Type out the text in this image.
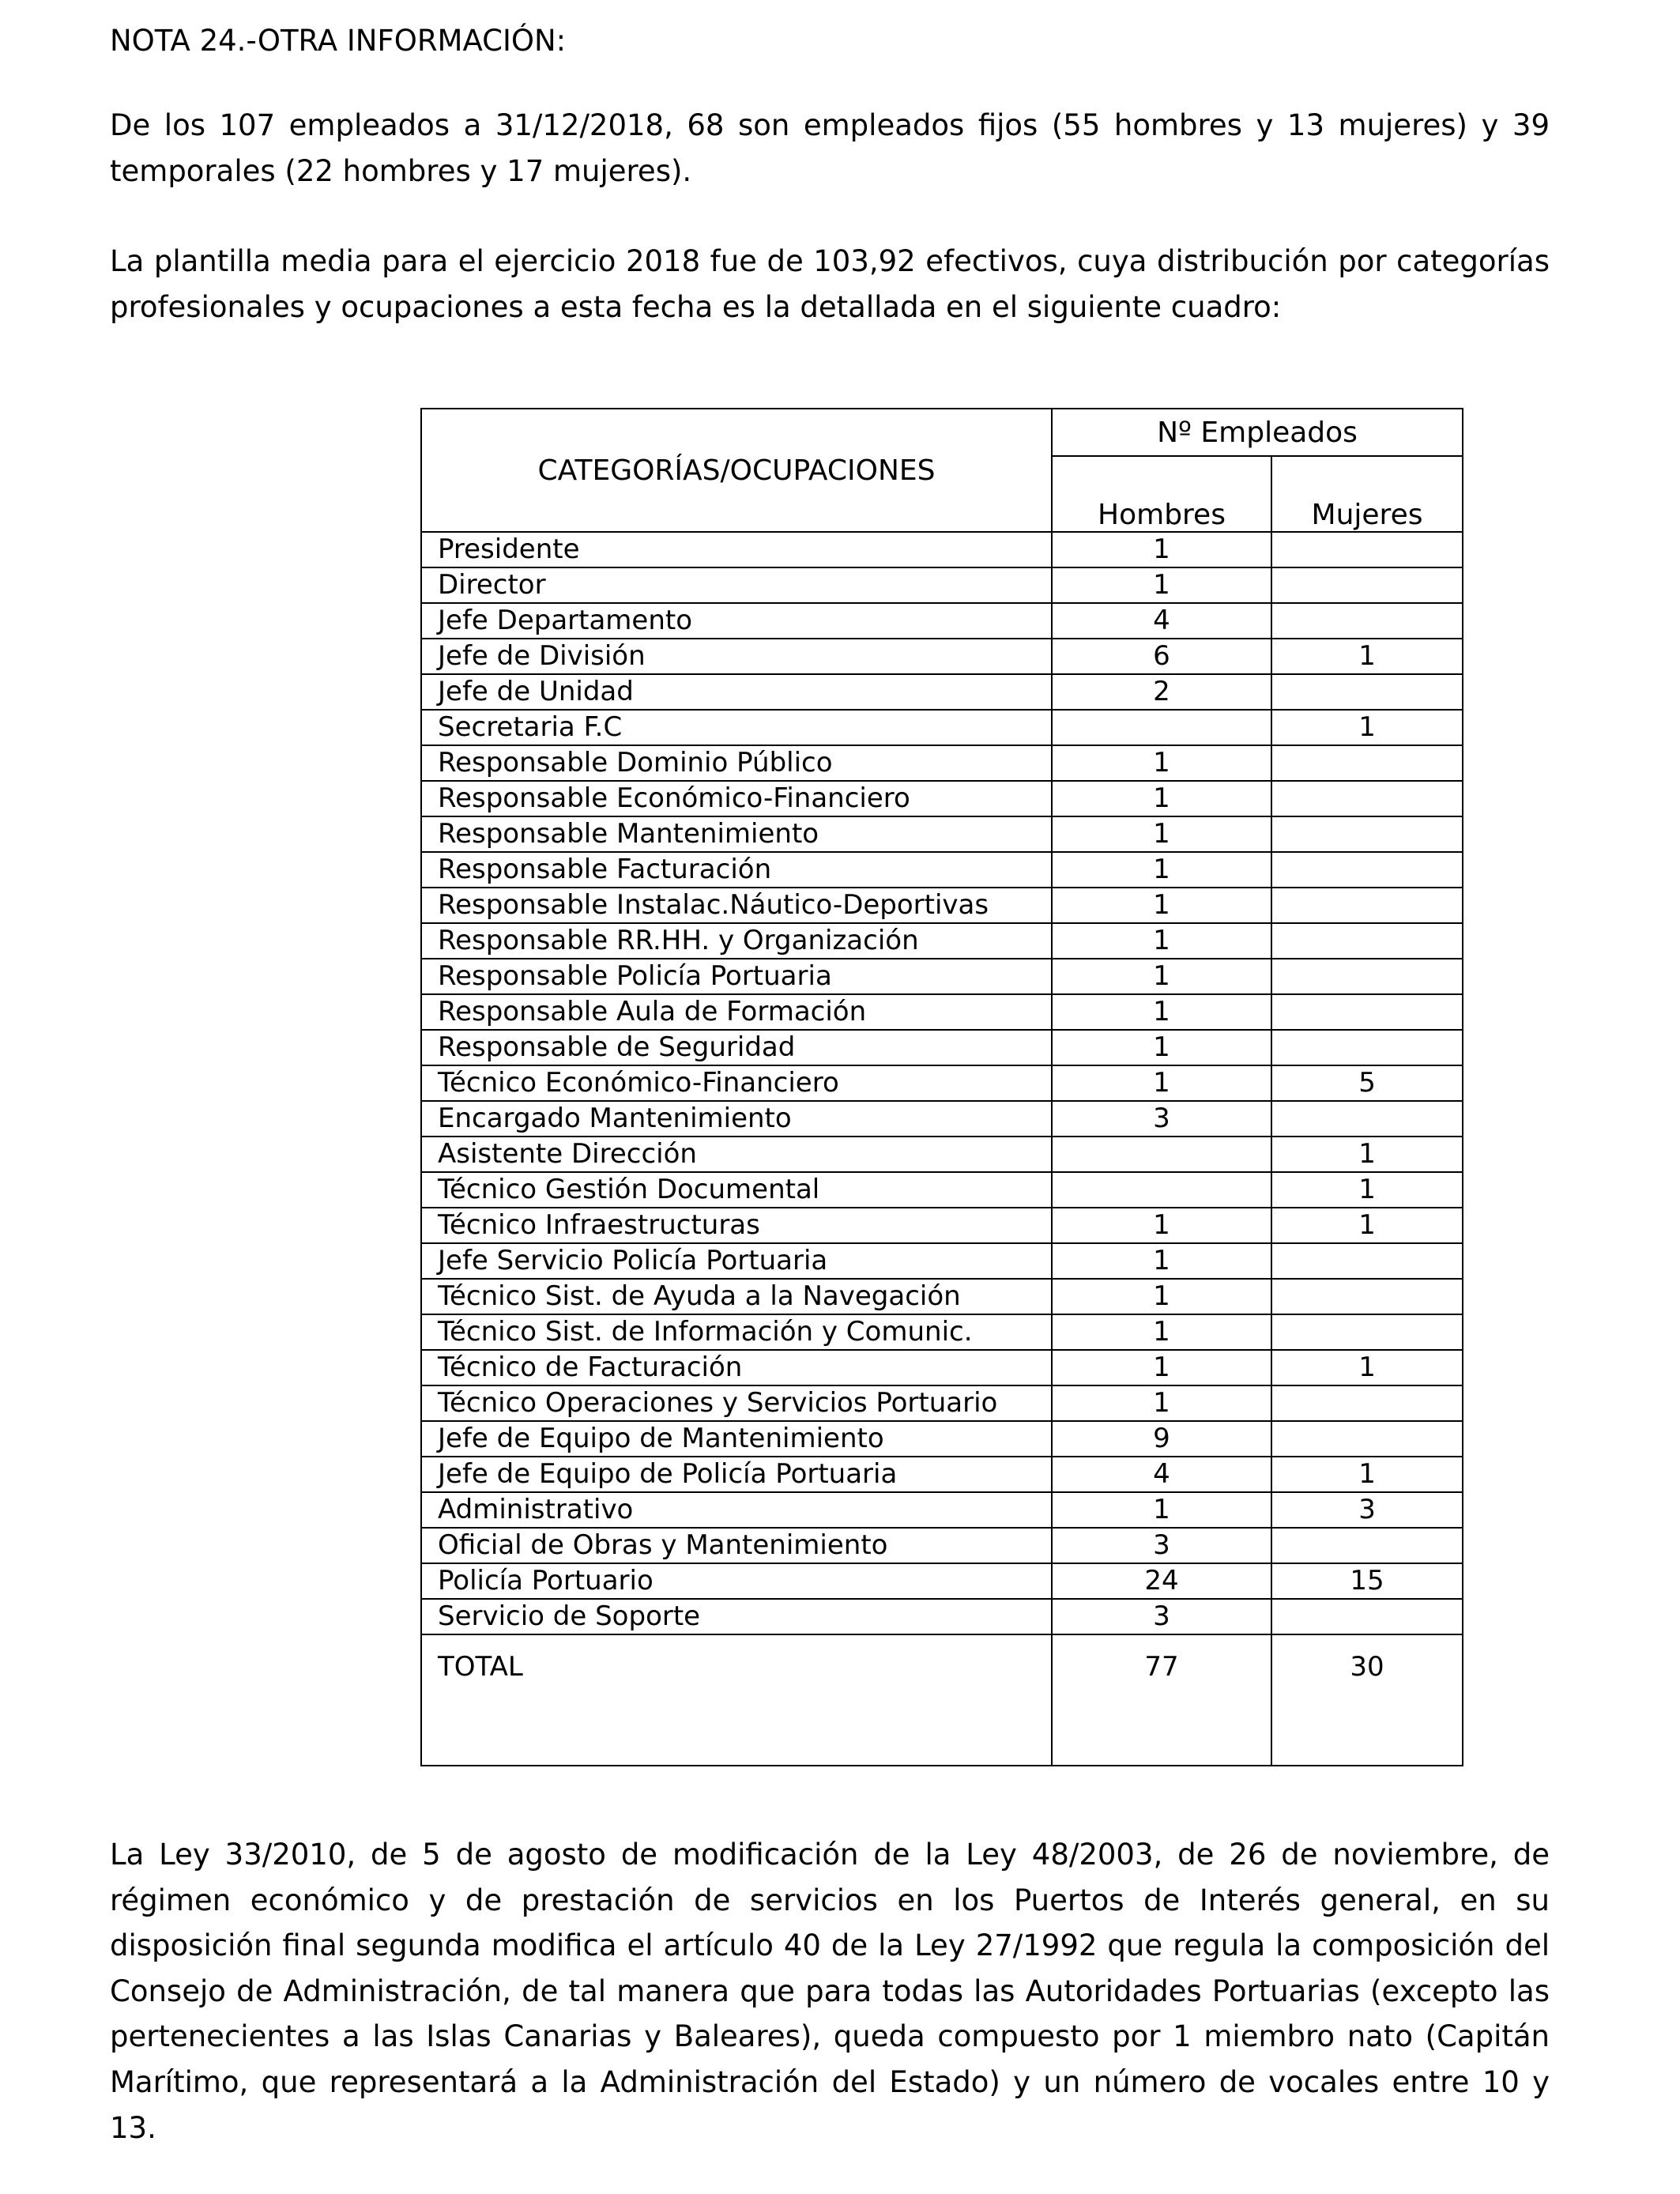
NOTA 24.-OTRA INFORMACIÓN:
De los 107 empleados a 31/12/2018, 68 son empleados fijos (55 hombres y 13 mujeres) y 39 temporales (22 hombres y 17 mujeres).
La plantilla media para el ejercicio 2018 fue de 103,92 efectivos, cuya distribución por categorías profesionales y ocupaciones a esta fecha es la detallada en el siguiente cuadro:
CATEGORÍAS/OCUPACIONES	Nº Empleados	
	Hombres	Mujeres
Presidente	1	
Director	1	
Jefe Departamento	4	
Jefe de División	6	1
Jefe de Unidad	2	
Secretaria F.C		1
Responsable Dominio Público	1	
Responsable Económico-Financiero	1	
Responsable Mantenimiento	1	
Responsable Facturación	1	
Responsable Instalac.Náutico-Deportivas	1	
Responsable RR.HH. y Organización	1	
Responsable Policía Portuaria	1	
Responsable Aula de Formación	1	
Responsable de Seguridad	1	
Técnico Económico-Financiero	1	5
Encargado Mantenimiento	3	
Asistente Dirección		1
Técnico Gestión Documental		1
Técnico Infraestructuras	1	1
Jefe Servicio Policía Portuaria	1	
Técnico Sist. de Ayuda a la Navegación	1	
Técnico Sist. de Información y Comunic.	1	
Técnico de Facturación	1	1
Técnico Operaciones y Servicios Portuario	1	
Jefe de Equipo de Mantenimiento	9	
Jefe de Equipo de Policía Portuaria	4	1
Administrativo	1	3
Oficial de Obras y Mantenimiento	3	
Policía Portuario	24	15
Servicio de Soporte	3	
TOTAL	77	30
La Ley 33/2010, de 5 de agosto de modificación de la Ley 48/2003, de 26 de noviembre, de régimen económico y de prestación de servicios en los Puertos de Interés general, en su disposición final segunda modifica el artículo 40 de la Ley 27/1992 que regula la composición del Consejo de Administración, de tal manera que para todas las Autoridades Portuarias (excepto las pertenecientes a las Islas Canarias y Baleares), queda compuesto por 1 miembro nato (Capitán Marítimo, que representará a la Administración del Estado) y un número de vocales entre 10 y 13.
